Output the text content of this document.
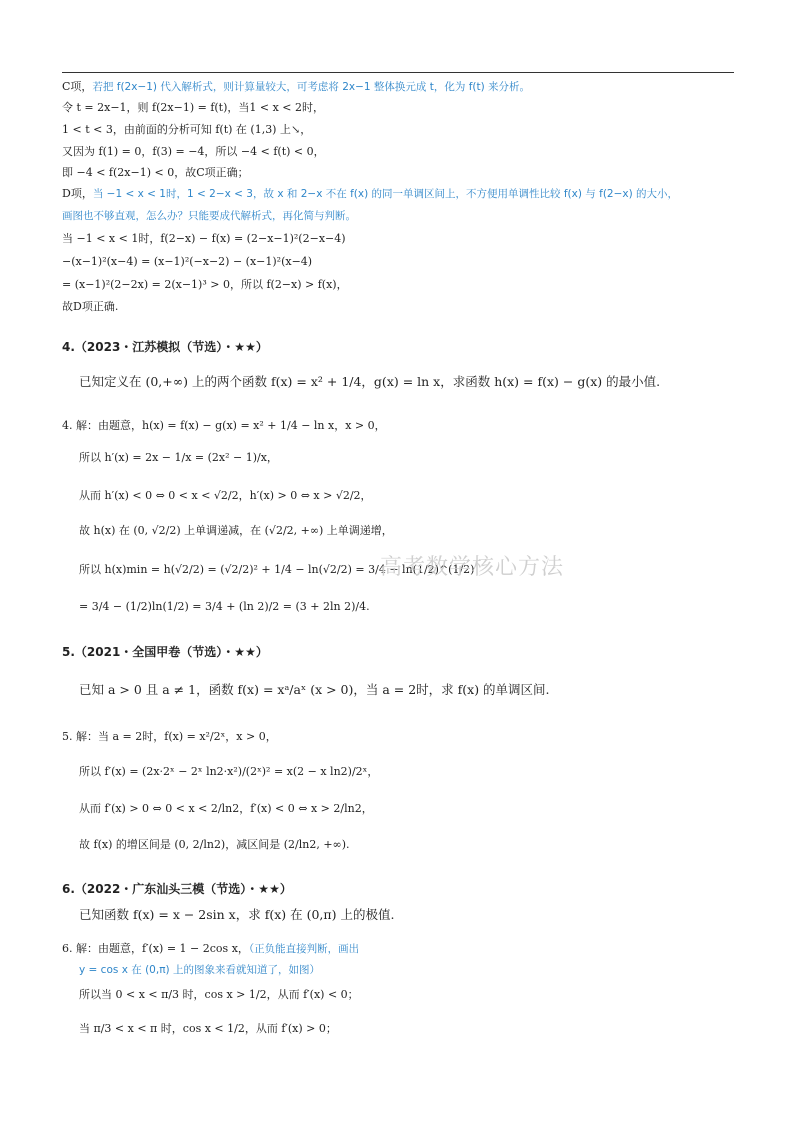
C项，若把 f(2x−1) 代入解析式，则计算量较大，可考虑将 2x−1 整体换元成 t，化为 f(t) 来分析。
令 t = 2x−1，则 f(2x−1) = f(t)，当1 < x < 2时，
1 < t < 3，由前面的分析可知 f(t) 在 (1,3) 上↘，
又因为 f(1) = 0，f(3) = −4，所以 −4 < f(t) < 0，
即 −4 < f(2x−1) < 0，故C项正确；
D项，当 −1 < x < 1时，1 < 2−x < 3，故 x 和 2−x 不在 f(x) 的同一单调区间上，不方便用单调性比较 f(x) 与 f(2−x) 的大小，
画图也不够直观，怎么办？只能要成代解析式，再化简与判断。
当 −1 < x < 1时，f(2−x) − f(x) = (2−x−1)²(2−x−4)
−(x−1)²(x−4) = (x−1)²(−x−2) − (x−1)²(x−4)
= (x−1)²(2−2x) = 2(x−1)³ > 0，所以 f(2−x) > f(x)，
故D项正确.
4.（2023・江苏模拟（节选）・★★）
已知定义在 (0,+∞) 上的两个函数 f(x) = x² + 1/4，g(x) = ln x，求函数 h(x) = f(x) − g(x) 的最小值.
4. 解：由题意，h(x) = f(x) − g(x) = x² + 1/4 − ln x，x > 0，
所以 h′(x) = 2x − 1/x = (2x² − 1)/x，
从而 h′(x) < 0 ⇔ 0 < x < √2/2，h′(x) > 0 ⇔ x > √2/2，
故 h(x) 在 (0, √2/2) 上单调递减，在 (√2/2, +∞) 上单调递增，
所以 h(x)min = h(√2/2) = (√2/2)² + 1/4 − ln(√2/2) = 3/4 − ln(1/2)^(1/2)
= 3/4 − (1/2)ln(1/2) = 3/4 + (ln 2)/2 = (3 + 2ln 2)/4.
5.（2021・全国甲卷（节选）・★★）
已知 a > 0 且 a ≠ 1，函数 f(x) = xᵃ/aˣ (x > 0)，当 a = 2时，求 f(x) 的单调区间.
5. 解：当 a = 2时，f(x) = x²/2ˣ，x > 0，
所以 f′(x) = (2x·2ˣ − 2ˣ ln2·x²)/(2ˣ)² = x(2 − x ln2)/2ˣ，
从而 f′(x) > 0 ⇔ 0 < x < 2/ln2，f′(x) < 0 ⇔ x > 2/ln2，
故 f(x) 的增区间是 (0, 2/ln2)，减区间是 (2/ln2, +∞).
6.（2022・广东汕头三模（节选）・★★）
已知函数 f(x) = x − 2sin x，求 f(x) 在 (0,π) 上的极值.
6. 解：由题意，f′(x) = 1 − 2cos x，（正负能直接判断，画出
y = cos x 在 (0,π) 上的图象来看就知道了，如图）
所以当 0 < x < π/3 时，cos x > 1/2，从而 f′(x) < 0；
当 π/3 < x < π 时，cos x < 1/2，从而 f′(x) > 0；
高考数学核心方法
